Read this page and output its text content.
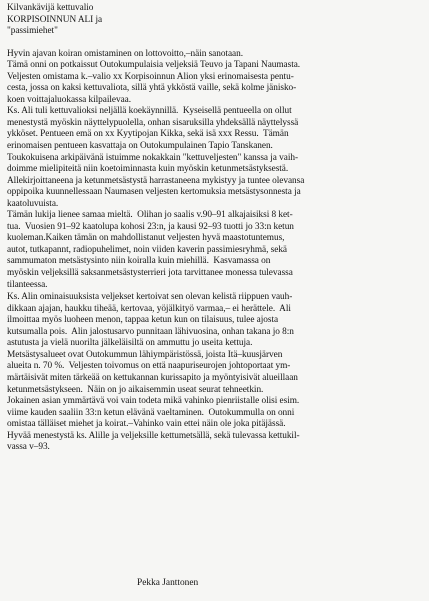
Kilvankävijä kettuvalio
KORPISOINNUN ALI ja
"passimiehet"
Hyvin ajavan koiran omistaminen on lottovoitto,–näin sanotaan.
Tämä onni on potkaissut Outokumpulaisia veljeksiä Teuvo ja Tapani Naumasta.
Veljesten omistama k.–valio xx Korpisoinnun Alion yksi erinomaisesta pentu-
cesta, jossa on kaksi kettuvaliota, sillä yhtä ykköstä vaille, sekä kolme jänisko-
koen voittajaluokassa kilpailevaa.
Ks. Ali tuli kettuvalioksi neljällä koekäynnillä.  Kyseisellä pentueella on ollut
menestystä myöskin näyttelypuolella, onhan sisaruksilla yhdeksällä näyttelyssä
ykköset. Pentueen emä on xx Kyytipojan Kikka, sekä isä xxx Ressu.  Tämän
erinomaisen pentueen kasvattaja on Outokumpulainen Tapio Tanskanen.
Toukokuisena arkipäivänä istuimme nokakkain "kettuveljesten" kanssa ja vaih-
doimme mielipiteitä niin koetoiminnasta kuin myöskin ketunmetsästyksestä.
Allekirjoittaneena ja ketunmetsästystä harrastaneena mykistyy ja tuntee olevansa
oppipoika kuunnellessaan Naumasen veljesten kertomuksia metsästysonnesta ja
kaatoluvuista.
Tämän lukija lienee samaa mieltä.  Olihan jo saalis v.90–91 alkajaisiksi 8 ket-
tua.  Vuosien 91–92 kaatolupa kohosi 23:n, ja kausi 92–93 tuotti jo 33:n ketun
kuoleman.Kaiken tämän on mahdollistanut veljesten hyvä maastotuntemus,
autot, tutkapannt, radiopuhelimet, noin viiden kaverin passimiesryhmä, sekä
sammumaton metsästysinto niin koiralla kuin miehillä.  Kasvamassa on
myöskin veljeksillä saksanmetsästysterrieri jota tarvittanee monessa tulevassa
tilanteessa.
Ks. Alin ominaisuuksista veljekset kertoivat sen olevan kelistä riippuen vauh-
dikkaan ajajan, haukku tiheää, kertovaa, yöjälkityö varmaa,– ei herättele.  Ali
ilmoittaa myös luoheen menon, tappaa ketun kun on tilaisuus, tulee ajosta
kutsumalla pois.  Alin jalostusarvo punnitaan lähivuosina, onhan takana jo 8:n
astutusta ja vielä nuorilta jälkeläisiltä on ammuttu jo useita kettuja.
Metsästysalueet ovat Outokummun lähiympäristössä, joista Itä–kuusjärven
alueita n. 70 %.  Veljesten toivomus on että naapuriseurojen johtoportaat ym-
märtäisivät miten tärkeää on kettukannan kurissapito ja myöntyisivät alueillaan
ketunmetsästykseen.  Näin on jo aikaisemmin useat seurat tehneetkin.
Jokainen asian ymmärtävä voi vain todeta mikä vahinko pienriistalle olisi esim.
viime kauden saaliin 33:n ketun elävänä vaeltaminen.  Outokummulla on onni
omistaa tälläiset miehet ja koirat.–Vahinko vain ettei näin ole joka pitäjässä.
Hyvää menestystä ks. Alille ja veljeksille kettumetsällä, sekä tulevassa kettukil-
vassa v–93.
Pekka Janttonen
